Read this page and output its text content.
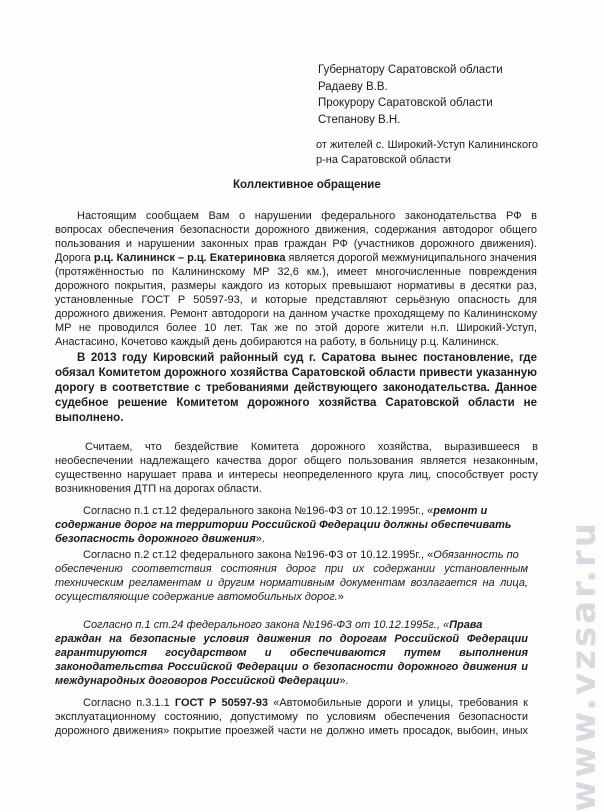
Губернатору Саратовской области
Радаеву В.В.
Прокурору Саратовской области
Степанову В.Н.
от жителей с. Широкий-Уступ Калининского
р-на Саратовской области
Коллективное обращение
Настоящим сообщаем Вам о нарушении федерального законодательства РФ в
вопросах обеспечения безопасности дорожного движения, содержания автодорог общего
пользования и нарушении законных прав граждан РФ (участников дорожного движения).
Дорога р.ц. Калининск – р.ц. Екатериновка является дорогой межмуниципального значения
(протяжённостью по Калининскому МР 32,6 км.), имеет многочисленные повреждения
дорожного покрытия, размеры каждого из которых превышают нормативы в десятки раз,
установленные ГОСТ Р 50597-93, и которые представляют серьёзную опасность для
дорожного движения. Ремонт автодороги на данном участке проходящему по Калининскому
МР не проводился более 10 лет. Так же по этой дороге жители н.п. Широкий-Уступ,
Анастасино, Кочетово каждый день добираются на работу, в больницу р.ц. Калининск.
В 2013 году Кировский районный суд г. Саратова вынес постановление, где
обязал Комитетом дорожного хозяйства Саратовской области привести указанную
дорогу в соответствие с требованиями действующего законодательства. Данное
судебное решение Комитетом дорожного хозяйства Саратовской области не
выполнено.
Считаем, что бездействие Комитета дорожного хозяйства, выразившееся в
необеспечении надлежащего качества дорог общего пользования является незаконным,
существенно нарушает права и интересы неопределенного круга лиц, способствует росту
возникновения ДТП на дорогах области.
Согласно п.1 ст.12 федерального закона №196-ФЗ от 10.12.1995г., «ремонт и
содержание дорог на территории Российской Федерации должны обеспечивать
безопасность дорожного движения».
Согласно п.2 ст.12 федерального закона №196-ФЗ от 10.12.1995г., «Обязанность по
обеспечению соответствия состояния дорог при их содержании установленным
техническим регламентам и другим нормативным документам возлагается на лица,
осуществляющие содержание автомобильных дорог.»
Согласно п.1 ст.24 федерального закона №196-ФЗ от 10.12.1995г., «Права
граждан на безопасные условия движения по дорогам Российской Федерации
гарантируются государством и обеспечиваются путем выполнения
законодательства Российской Федерации о безопасности дорожного движения и
международных договоров Российской Федерации».
Согласно п.3.1.1 ГОСТ Р 50597-93 «Автомобильные дороги и улицы, требования к
эксплуатационному состоянию, допустимому по условиям обеспечения безопасности
дорожного движения» покрытие проезжей части не должно иметь просадок, выбоин, иных www.vzsar.ru
